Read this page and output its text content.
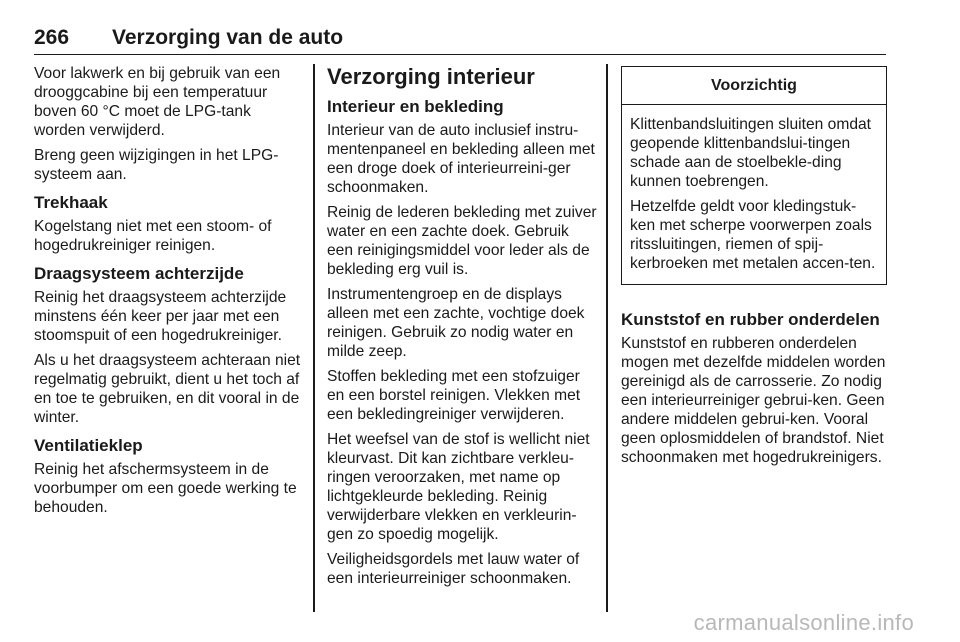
266 Verzorging van de auto

Voor lakwerk en bij gebruik van een drooggcabine bij een temperatuur boven 60 °C moet de LPG-tank worden verwijderd.

Breng geen wijzigingen in het LPG-systeem aan.

Trekhaak

Kogelstang niet met een stoom- of hogedrukreiniger reinigen.

Draagsysteem achterzijde

Reinig het draagsysteem achterzijde minstens één keer per jaar met een stoomspuit of een hogedrukreiniger.

Als u het draagsysteem achteraan niet regelmatig gebruikt, dient u het toch af en toe te gebruiken, en dit vooral in de winter.

Ventilatieklep

Reinig het afschermsysteem in de voorbumper om een goede werking te behouden.

Verzorging interieur
Interieur en bekleding

Interieur van de auto inclusief instru-mentenpaneel en bekleding alleen met een droge doek of interieurreini-ger schoonmaken.

Reinig de lederen bekleding met zuiver water en een zachte doek. Gebruik een reinigingsmiddel voor leder als de bekleding erg vuil is.

Instrumentengroep en de displays alleen met een zachte, vochtige doek reinigen. Gebruik zo nodig water en milde zeep.

Stoffen bekleding met een stofzuiger en een borstel reinigen. Vlekken met een bekledingreiniger verwijderen.

Het weefsel van de stof is wellicht niet kleurvast. Dit kan zichtbare verkleu-ringen veroorzaken, met name op lichtgekleurde bekleding. Reinig verwijderbare vlekken en verkleurin-gen zo spoedig mogelijk.

Veiligheidsgordels met lauw water of een interieurreiniger schoonmaken.

Voorzichtig

Klittenbandsluitingen sluiten omdat geopende klittenbandslui-tingen schade aan de stoelbekle-ding kunnen toebrengen.

Hetzelfde geldt voor kledingstuk-ken met scherpe voorwerpen zoals ritssluitingen, riemen of spij-kerbroeken met metalen accen-ten.

Kunststof en rubber onderdelen

Kunststof en rubberen onderdelen mogen met dezelfde middelen worden gereinigd als de carrosserie. Zo nodig een interieurreiniger gebrui-ken. Geen andere middelen gebrui-ken. Vooral geen oplosmiddelen of brandstof. Niet schoonmaken met hogedrukreinigers.

carmanualsonline.info
